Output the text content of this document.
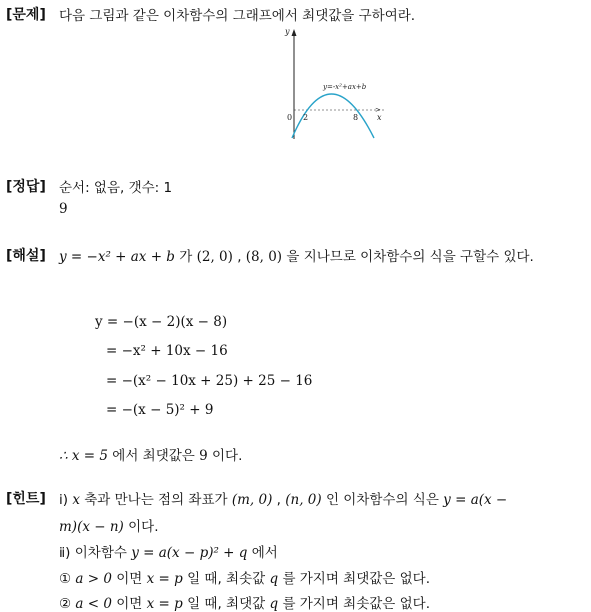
[문제] 다음 그림과 같은 이차함수의 그래프에서 최댓값을 구하여라.
y
>
x
0 2	8
y=-x²+ax+b
[정답] 순서: 없음, 갯수: 1
9
[해설] y = −x² + ax + b 가 (2, 0) , (8, 0) 을 지나므로 이차함수의 식을 구할수 있다.
y = −(x − 2)(x − 8)
= −x² + 10x − 16
= −(x² − 10x + 25) + 25 − 16
= −(x − 5)² + 9
∴ x = 5 에서 최댓값은 9 이다.
[힌트] ⅰ) x 축과 만나는 점의 좌표가 (m, 0) , (n, 0) 인 이차함수의 식은 y = a(x −
m)(x − n) 이다.
ⅱ) 이차함수 y = a(x − p)² + q 에서
① a > 0 이면 x = p 일 때, 최솟값 q 를 가지며 최댓값은 없다.
② a < 0 이면 x = p 일 때, 최댓값 q 를 가지며 최솟값은 없다.
